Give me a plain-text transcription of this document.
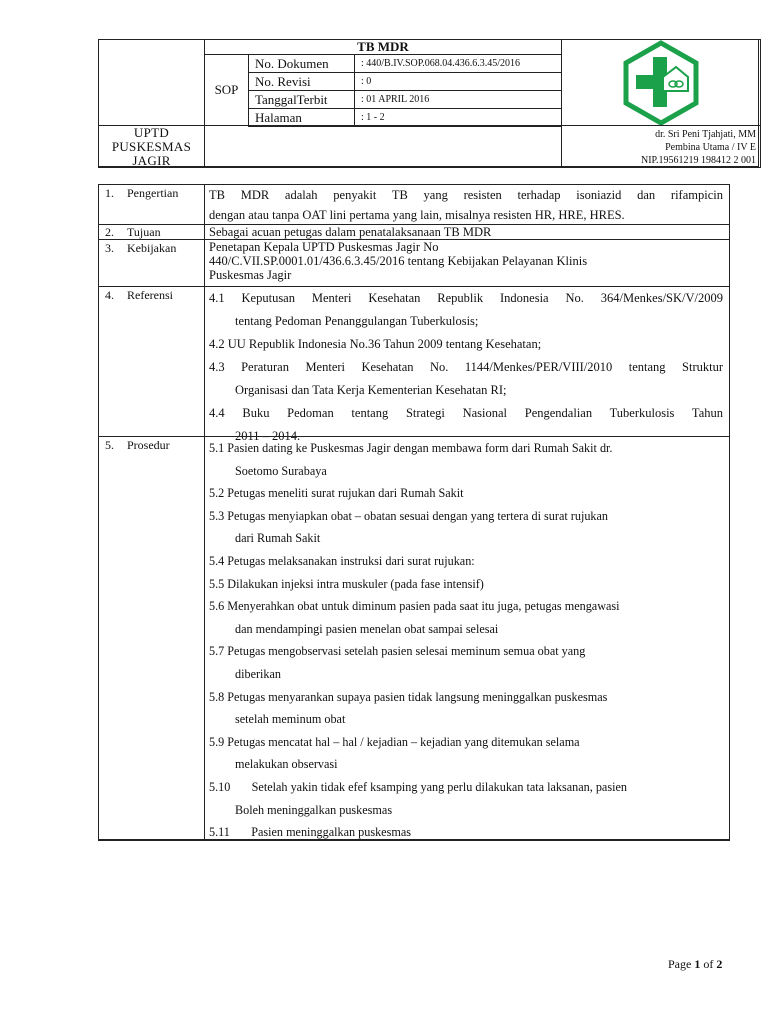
UPTD
PUSKESMAS
JAGIR
TB MDR
SOP
No. Dokumen	: 440/B.IV.SOP.068.04.436.6.3.45/2016
No. Revisi	: 0
TanggalTerbit	: 01 APRIL 2016
Halaman	: 1 - 2
dr. Sri Peni Tjahjati, MM
Pembina Utama / IV E
NIP.19561219 198412 2 001
1. Pengertian	TB MDR adalah penyakit TB yang resisten terhadap isoniazid dan rifampicin
dengan atau tanpa OAT lini pertama yang lain, misalnya resisten HR, HRE, HRES.
2. Tujuan	Sebagai acuan petugas dalam penatalaksanaan TB MDR
3. Kebijakan	Penetapan Kepala UPTD Puskesmas Jagir No
440/C.VII.SP.0001.01/436.6.3.45/2016 tentang Kebijakan Pelayanan Klinis
Puskesmas Jagir
4. Referensi	4.1 Keputusan Menteri Kesehatan Republik Indonesia No. 364/Menkes/SK/V/2009
tentang Pedoman Penanggulangan Tuberkulosis;
4.2 UU Republik Indonesia No.36 Tahun 2009 tentang Kesehatan;
4.3 Peraturan Menteri Kesehatan No. 1144/Menkes/PER/VIII/2010 tentang Struktur
Organisasi dan Tata Kerja Kementerian Kesehatan RI;
4.4 Buku Pedoman tentang Strategi Nasional Pengendalian Tuberkulosis Tahun
2011 – 2014.
5. Prosedur	5.1 Pasien dating ke Puskesmas Jagir dengan membawa form dari Rumah Sakit dr.
Soetomo Surabaya
5.2 Petugas meneliti surat rujukan dari Rumah Sakit
5.3 Petugas menyiapkan obat – obatan sesuai dengan yang tertera di surat rujukan
dari Rumah Sakit
5.4 Petugas melaksanakan instruksi dari surat rujukan:
5.5 Dilakukan injeksi intra muskuler (pada fase intensif)
5.6 Menyerahkan obat untuk diminum pasien pada saat itu juga, petugas mengawasi
dan mendampingi pasien menelan obat sampai selesai
5.7 Petugas mengobservasi setelah pasien selesai meminum semua obat yang
diberikan
5.8 Petugas menyarankan supaya pasien tidak langsung meninggalkan puskesmas
setelah meminum obat
5.9 Petugas mencatat hal – hal / kejadian – kejadian yang ditemukan selama
melakukan observasi
5.10       Setelah yakin tidak efef ksamping yang perlu dilakukan tata laksanan, pasien
Boleh meninggalkan puskesmas
5.11       Pasien meninggalkan puskesmas
Page 1 of 2
